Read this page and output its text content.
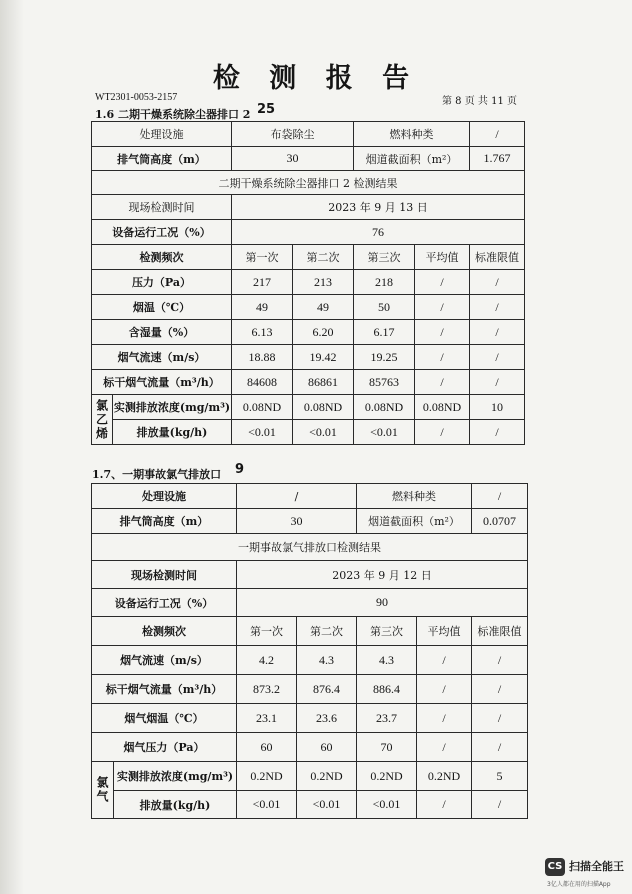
检 测 报 告
WT2301-0053-2157	第 8 页 共 11 页
1.6 二期干燥系统除尘器排口 2 25
处理设施		布袋除尘		燃料种类		/
排气筒高度（m）		30		烟道截面积（m²）		1.767
二期干燥系统除尘器排口 2 检测结果						
现场检测时间		2023 年 9 月 13 日				
设备运行工况（%）		76				
检测频次		第一次	第二次	第三次	平均值	标准限值
压力（Pa）		217	213	218	/	/
烟温（℃）		49	49	50	/	/
含湿量（%）		6.13	6.20	6.17	/	/
烟气流速（m/s）		18.88	19.42	19.25	/	/
标干烟气流量（m³/h）		84608	86861	85763	/	/
氯乙烯	实测排放浓度(mg/m³)	0.08ND	0.08ND	0.08ND	0.08ND	10
	排放量(kg/h)	<0.01	<0.01	<0.01	/	/
1.7、一期事故氯气排放口 9
处理设施		/		燃料种类		/
排气筒高度（m）		30		烟道截面积（m²）		0.0707
一期事故氯气排放口检测结果						
现场检测时间		2023 年 9 月 12 日				
设备运行工况（%）		90				
检测频次		第一次	第二次	第三次	平均值	标准限值
烟气流速（m/s）		4.2	4.3	4.3	/	/
标干烟气流量（m³/h）		873.2	876.4	886.4	/	/
烟气烟温（℃）		23.1	23.6	23.7	/	/
烟气压力（Pa）		60	60	70	/	/
氯气	实测排放浓度(mg/m³)	0.2ND	0.2ND	0.2ND	0.2ND	5
	排放量(kg/h)	<0.01	<0.01	<0.01	/	/
CS 扫描全能王
3亿人都在用的扫描App
